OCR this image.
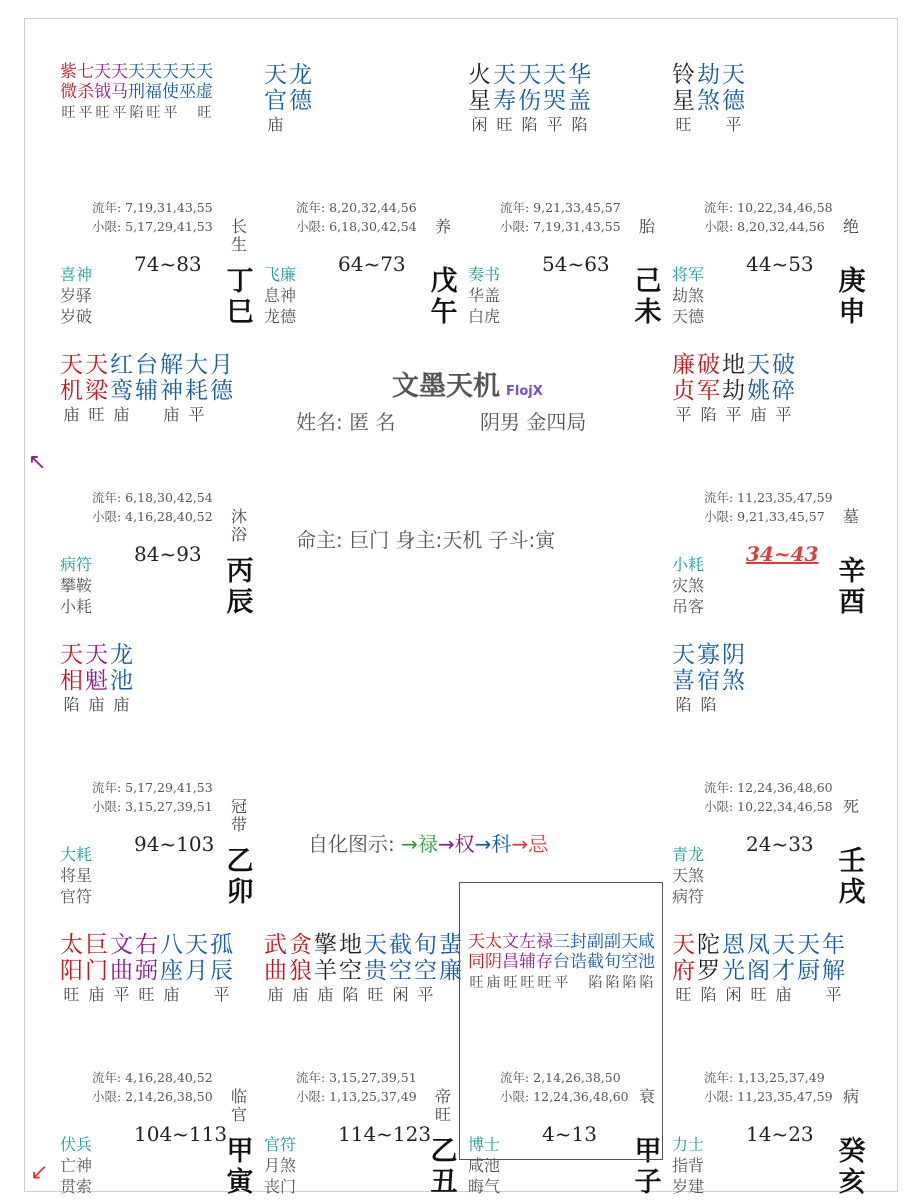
紫
微
旺
七
杀
平
天
钺
旺
天
马
平
天
刑
陷
天
福
旺
天
使
平
天
巫
天
虚
旺
流年: 7,19,31,43,55
小限: 5,17,29,41,53
74~83
喜神
岁驿
岁破
长
生
丁
巳
天
官
庙
龙
德
流年: 8,20,32,44,56
小限: 6,18,30,42,54
64~73
飞廉
息神
龙德
养
戊
午
火
星
闲
天
寿
旺
天
伤
陷
天
哭
平
华
盖
陷
流年: 9,21,33,45,57
小限: 7,19,31,43,55
54~63
奏书
华盖
白虎
胎
己
未
铃
星
旺
劫
煞
天
德
平
流年: 10,22,34,46,58
小限: 8,20,32,44,56
44~53
将军
劫煞
天德
绝
庚
申
天
机
庙
天
梁
旺
红
鸾
庙
台
辅
解
神
庙
大
耗
平
月
德
流年: 6,18,30,42,54
小限: 4,16,28,40,52
84~93
病符
攀鞍
小耗
沐
浴
丙
辰
廉
贞
平
破
军
陷
地
劫
平
天
姚
庙
破
碎
平
流年: 11,23,35,47,59
小限: 9,21,33,45,57
34~43
小耗
灾煞
吊客
墓
辛
酉
天
相
陷
天
魁
庙
龙
池
庙
流年: 5,17,29,41,53
小限: 3,15,27,39,51
94~103
大耗
将星
官符
冠
带
乙
卯
天
喜
陷
寡
宿
陷
阴
煞
流年: 12,24,36,48,60
小限: 10,22,34,46,58
24~33
青龙
天煞
病符
死
壬
戌
太
阳
旺
巨
门
庙
文
曲
平
右
弼
旺
八
座
庙
天
月
孤
辰
平
流年: 4,16,28,40,52
小限: 2,14,26,38,50
104~113
伏兵
亡神
贯索
临
官
甲
寅
武
曲
庙
贪
狼
庙
擎
羊
庙
地
空
陷
天
贵
旺
截
空
闲
旬
空
平
蜚
廉
流年: 3,15,27,39,51
小限: 1,13,25,37,49
114~123
官符
月煞
丧门
帝
旺
乙
丑
天
同
旺
太
阴
庙
文
昌
旺
左
辅
旺
禄
存
旺
三
台
平
封
诰
副
截
陷
副
旬
陷
天
空
陷
咸
池
陷
流年: 2,14,26,38,50
小限: 12,24,36,48,60
4~13
博士
咸池
晦气
衰
甲
子
天
府
旺
陀
罗
陷
恩
光
闲
凤
阁
旺
天
才
庙
天
厨
年
解
平
流年: 1,13,25,37,49
小限: 11,23,35,47,59
14~23
力士
指背
岁建
病
癸
亥
文墨天机 FlojX
姓名: 匿 名	阴男 金四局
命主: 巨门 身主:天机 子斗:寅
自化图示: →禄→权→科→忌
↖
↙
